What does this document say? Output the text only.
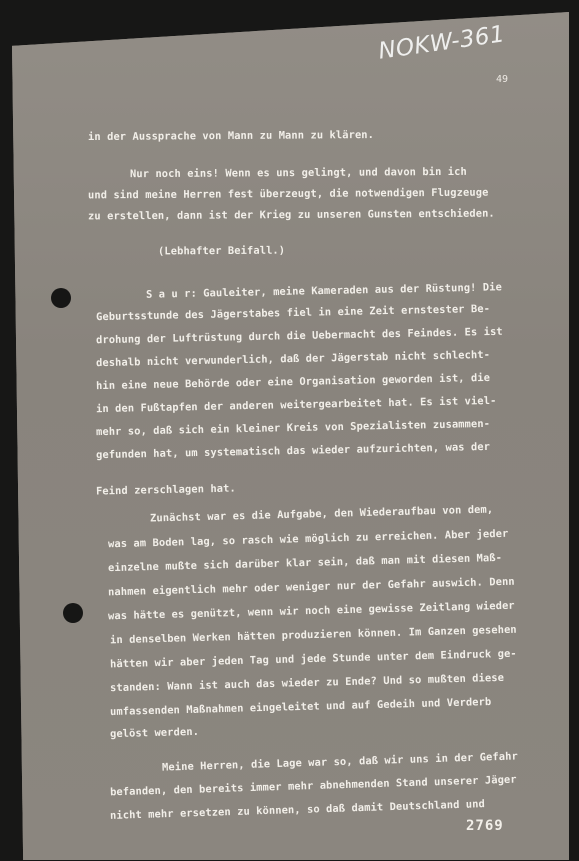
NOKW-361
49
in der Aussprache von Mann zu Mann zu klären.
Nur noch eins! Wenn es uns gelingt, und davon bin ich
und sind meine Herren fest überzeugt, die notwendigen Flugzeuge
zu erstellen, dann ist der Krieg zu unseren Gunsten entschieden.
(Lebhafter Beifall.)
S a u r: Gauleiter, meine Kameraden aus der Rüstung! Die
Geburtsstunde des Jägerstabes fiel in eine Zeit ernstester Be-
drohung der Luftrüstung durch die Uebermacht des Feindes. Es ist
deshalb nicht verwunderlich, daß der Jägerstab nicht schlecht-
hin eine neue Behörde oder eine Organisation geworden ist, die
in den Fußtapfen der anderen weitergearbeitet hat. Es ist viel-
mehr so, daß sich ein kleiner Kreis von Spezialisten zusammen-
gefunden hat, um systematisch das wieder aufzurichten, was der
Feind zerschlagen hat.
Zunächst war es die Aufgabe, den Wiederaufbau von dem,
was am Boden lag, so rasch wie möglich zu erreichen. Aber jeder
einzelne mußte sich darüber klar sein, daß man mit diesen Maß-
nahmen eigentlich mehr oder weniger nur der Gefahr auswich. Denn
was hätte es genützt, wenn wir noch eine gewisse Zeitlang wieder
in denselben Werken hätten produzieren können. Im Ganzen gesehen
hätten wir aber jeden Tag und jede Stunde unter dem Eindruck ge-
standen: Wann ist auch das wieder zu Ende? Und so mußten diese
umfassenden Maßnahmen eingeleitet und auf Gedeih und Verderb
gelöst werden.
Meine Herren, die Lage war so, daß wir uns in der Gefahr
befanden, den bereits immer mehr abnehmenden Stand unserer Jäger
nicht mehr ersetzen zu können, so daß damit Deutschland und
2769
